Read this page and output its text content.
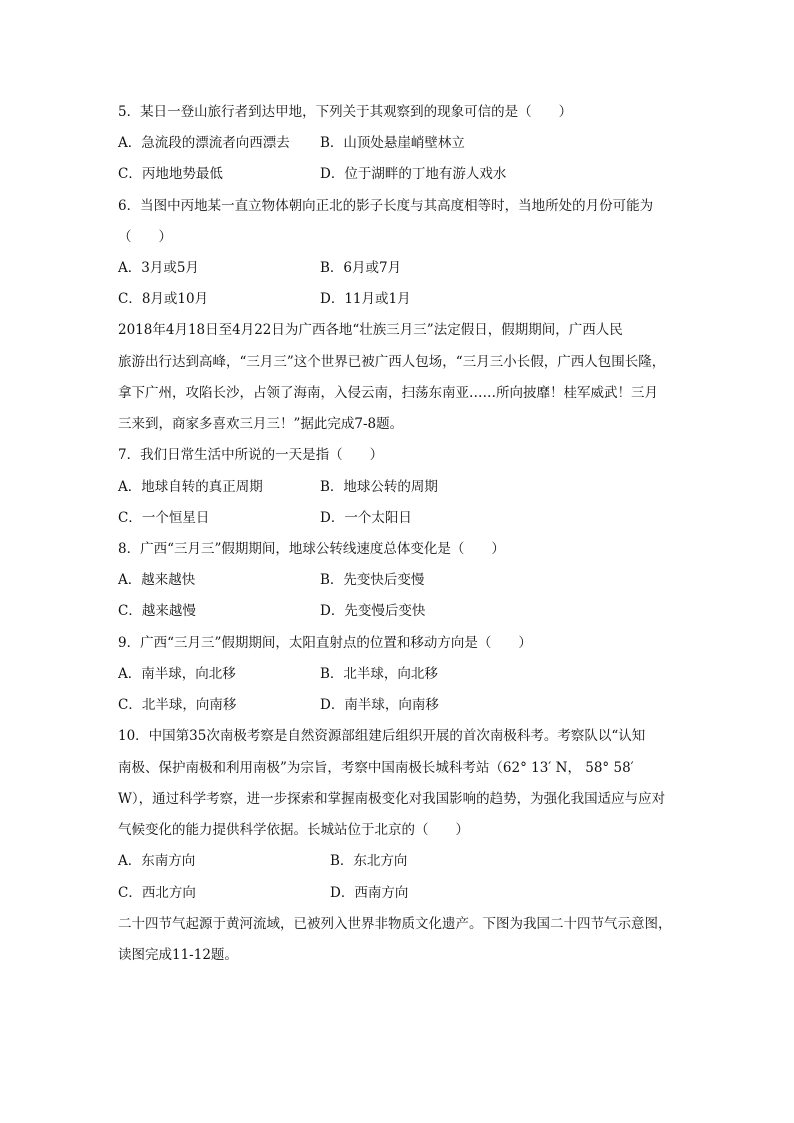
5．某日一登山旅行者到达甲地，下列关于其观察到的现象可信的是（　　）
A．急流段的漂流者向西漂去 B．山顶处悬崖峭壁林立
C．丙地地势最低	D．位于湖畔的丁地有游人戏水
6．当图中丙地某一直立物体朝向正北的影子长度与其高度相等时，当地所处的月份可能为
（　　）
A．3月或5月	B．6月或7月
C．8月或10月	D．11月或1月
2018年4月18日至4月22日为广西各地“壮族三月三”法定假日，假期期间，广西人民
旅游出行达到高峰，“三月三”这个世界已被广西人包场，“三月三小长假，广西人包围长隆，
拿下广州，攻陷长沙，占领了海南，入侵云南，扫荡东南亚……所向披靡！桂军威武！三月
三来到，商家多喜欢三月三！”据此完成7-8题。
7．我们日常生活中所说的一天是指（　　）
A．地球自转的真正周期	B．地球公转的周期
C．一个恒星日	D．一个太阳日
8．广西“三月三”假期期间，地球公转线速度总体变化是（　　）
A．越来越快	B．先变快后变慢
C．越来越慢	D．先变慢后变快
9．广西“三月三”假期期间，太阳直射点的位置和移动方向是（　　）
A．南半球，向北移	B．北半球，向北移
C．北半球，向南移	D．南半球，向南移
10．中国第35次南极考察是自然资源部组建后组织开展的首次南极科考。考察队以“认知
南极、保护南极和利用南极”为宗旨，考察中国南极长城科考站（62° 13′ N， 58° 58′
W），通过科学考察，进一步探索和掌握南极变化对我国影响的趋势，为强化我国适应与应对
气候变化的能力提供科学依据。长城站位于北京的（　　）
A．东南方向	B．东北方向
C．西北方向	D．西南方向
二十四节气起源于黄河流域，已被列入世界非物质文化遗产。下图为我国二十四节气示意图，
读图完成11-12题。
